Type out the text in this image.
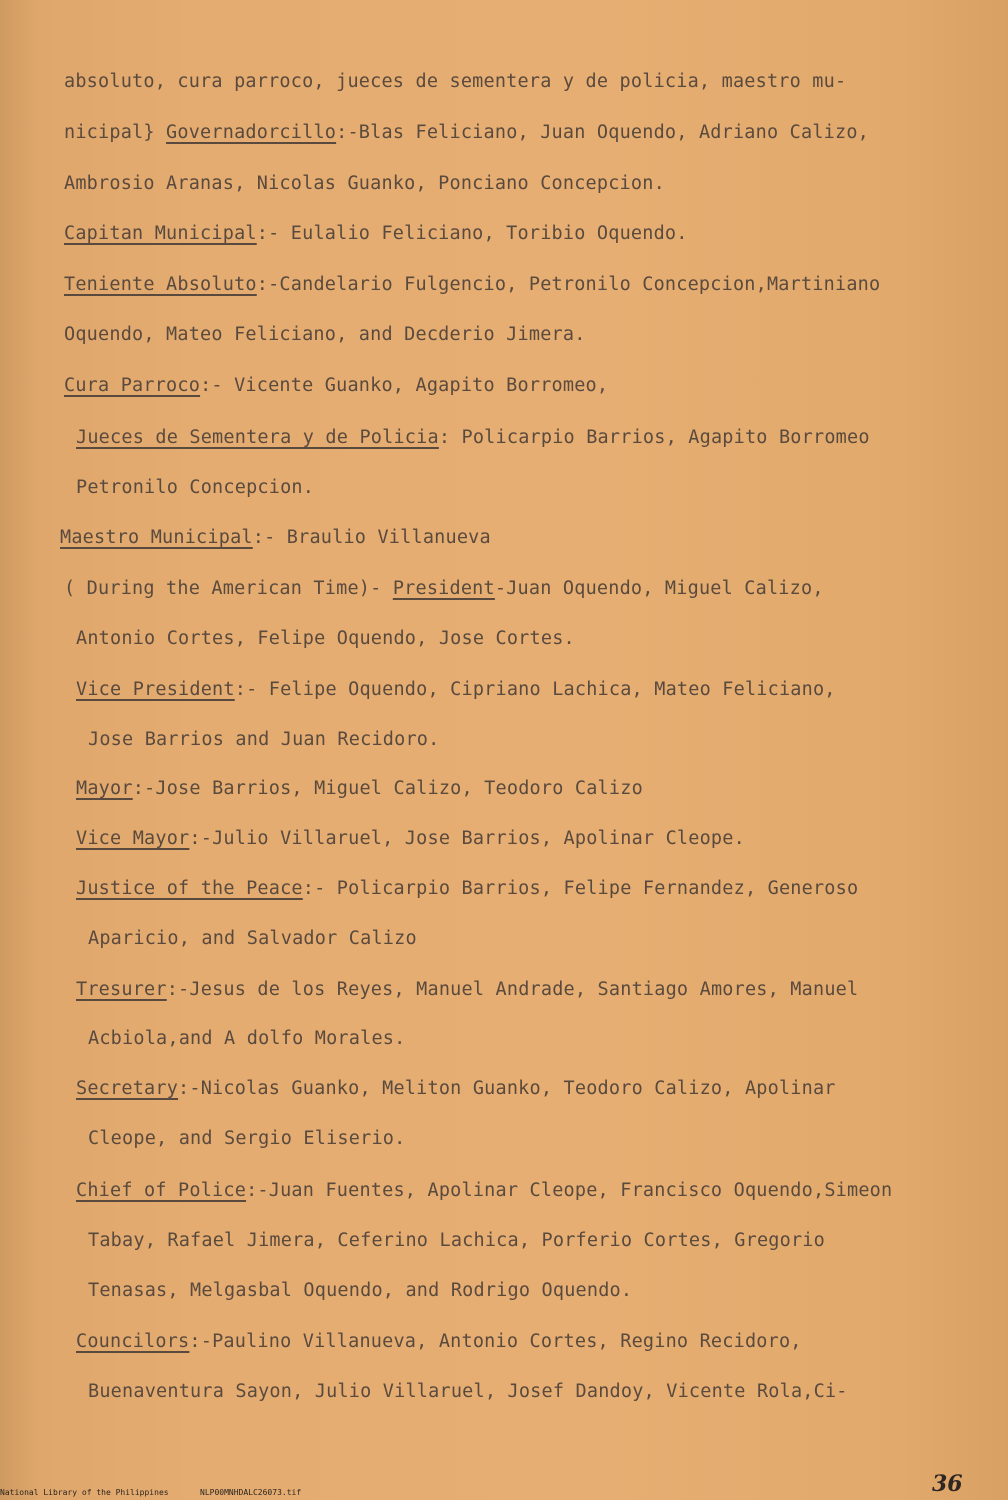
absoluto, cura parroco, jueces de sementera y de policia, maestro mu-
nicipal} Governadorcillo:-Blas Feliciano, Juan Oquendo, Adriano Calizo,
Ambrosio Aranas, Nicolas Guanko, Ponciano Concepcion.
Capitan Municipal:- Eulalio Feliciano, Toribio Oquendo.
Teniente Absoluto:-Candelario Fulgencio, Petronilo Concepcion,Martiniano
Oquendo, Mateo Feliciano, and Decderio Jimera.
Cura Parroco:- Vicente Guanko, Agapito Borromeo,
Jueces de Sementera y de Policia: Policarpio Barrios, Agapito Borromeo
Petronilo Concepcion.
Maestro Municipal:- Braulio Villanueva
( During the American Time)- President-Juan Oquendo, Miguel Calizo,
Antonio Cortes, Felipe Oquendo, Jose Cortes.
Vice President:- Felipe Oquendo, Cipriano Lachica, Mateo Feliciano,
Jose Barrios and Juan Recidoro.
Mayor:-Jose Barrios, Miguel Calizo, Teodoro Calizo
Vice Mayor:-Julio Villaruel, Jose Barrios, Apolinar Cleope.
Justice of the Peace:- Policarpio Barrios, Felipe Fernandez, Generoso
Aparicio, and Salvador Calizo
Tresurer:-Jesus de los Reyes, Manuel Andrade, Santiago Amores, Manuel
Acbiola,and A dolfo Morales.
Secretary:-Nicolas Guanko, Meliton Guanko, Teodoro Calizo, Apolinar
Cleope, and Sergio Eliserio.
Chief of Police:-Juan Fuentes, Apolinar Cleope, Francisco Oquendo,Simeon
Tabay, Rafael Jimera, Ceferino Lachica, Porferio Cortes, Gregorio
Tenasas, Melgasbal Oquendo, and Rodrigo Oquendo.
Councilors:-Paulino Villanueva, Antonio Cortes, Regino Recidoro,
Buenaventura Sayon, Julio Villaruel, Josef Dandoy, Vicente Rola,Ci-
National Library of the Philippines	NLP00MNHDALC26073.tif	36
